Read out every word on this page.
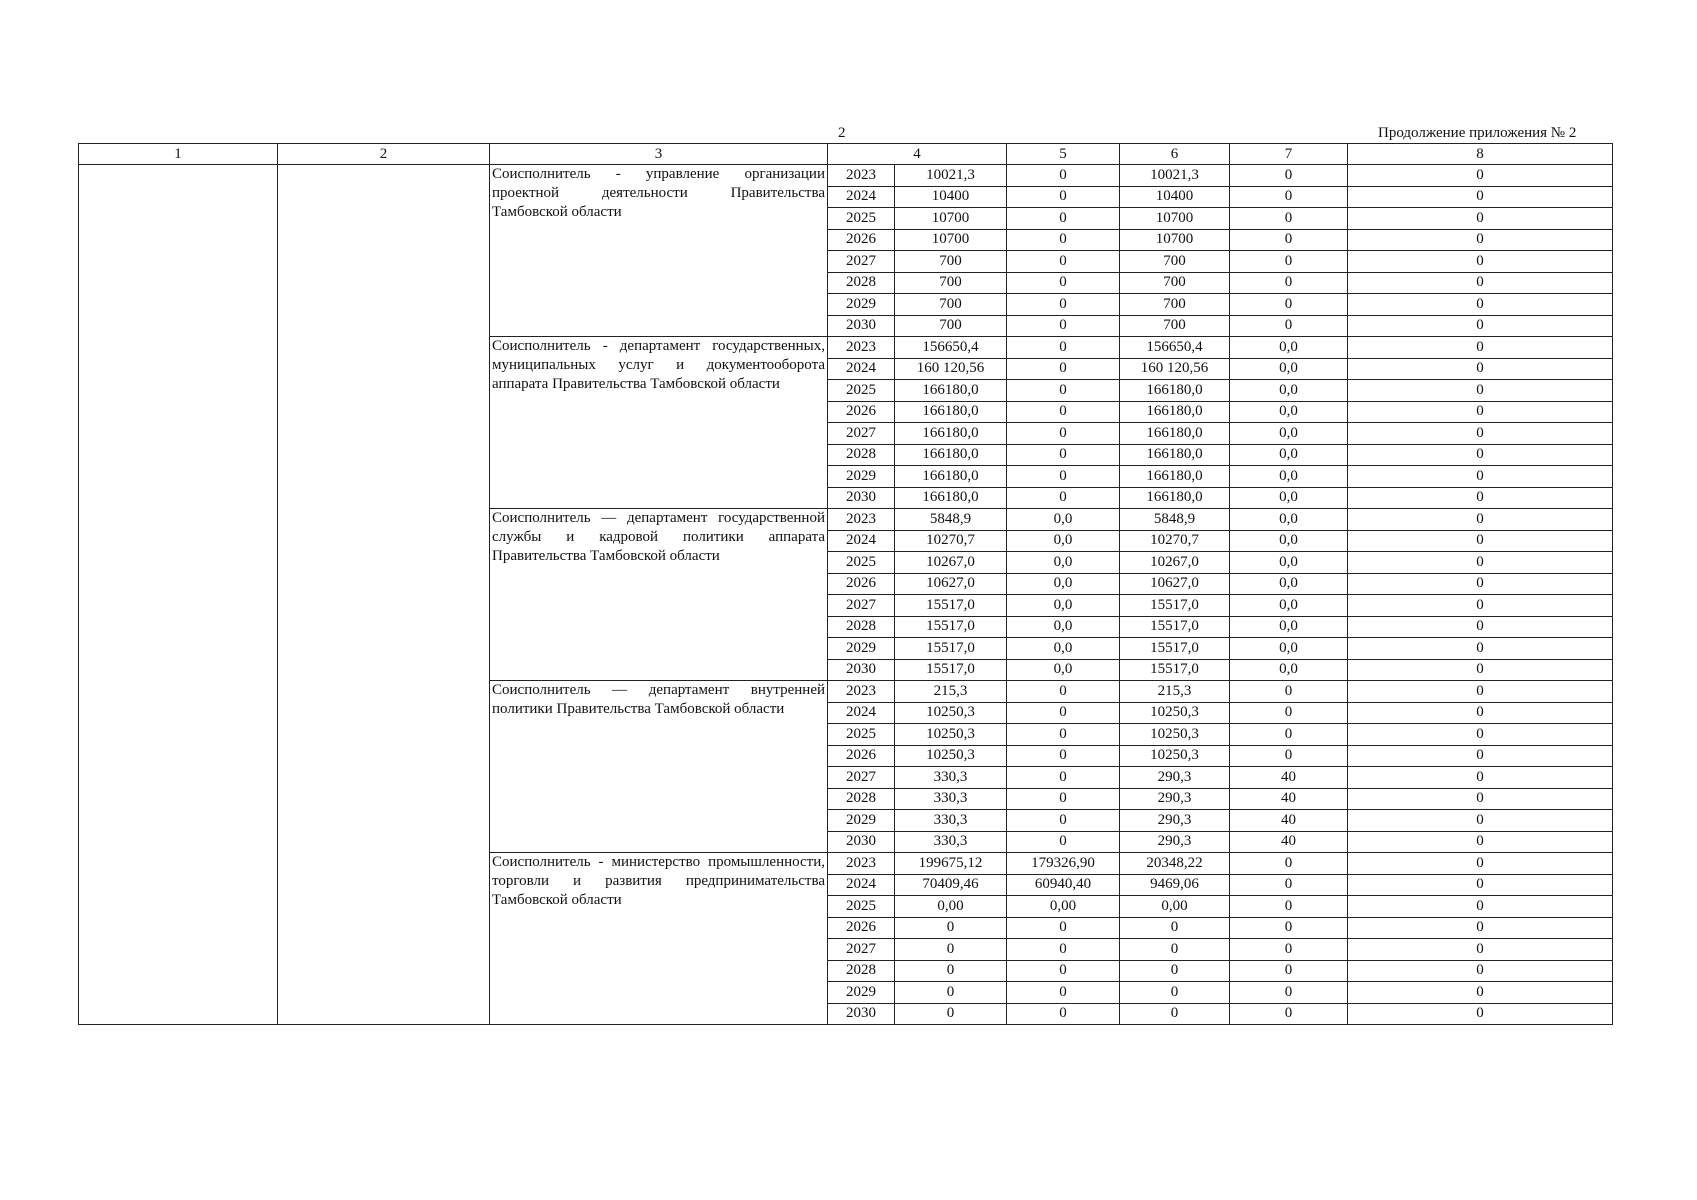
2	Продолжение приложения № 2
1	2	3	4		5	6	7	8
		Соисполнитель - управление организации проектной деятельности Правительства Тамбовской области	2023	10021,3	0	10021,3	0	0
			2024	10400	0	10400	0	0
			2025	10700	0	10700	0	0
			2026	10700	0	10700	0	0
			2027	700	0	700	0	0
			2028	700	0	700	0	0
			2029	700	0	700	0	0
			2030	700	0	700	0	0
		Соисполнитель - департамент государственных, муниципальных услуг и документооборота аппарата Правительства Тамбовской области	2023	156650,4	0	156650,4	0,0	0
			2024	160 120,56	0	160 120,56	0,0	0
			2025	166180,0	0	166180,0	0,0	0
			2026	166180,0	0	166180,0	0,0	0
			2027	166180,0	0	166180,0	0,0	0
			2028	166180,0	0	166180,0	0,0	0
			2029	166180,0	0	166180,0	0,0	0
			2030	166180,0	0	166180,0	0,0	0
		Соисполнитель — департамент государственной службы и кадровой политики аппарата Правительства Тамбовской области	2023	5848,9	0,0	5848,9	0,0	0
			2024	10270,7	0,0	10270,7	0,0	0
			2025	10267,0	0,0	10267,0	0,0	0
			2026	10627,0	0,0	10627,0	0,0	0
			2027	15517,0	0,0	15517,0	0,0	0
			2028	15517,0	0,0	15517,0	0,0	0
			2029	15517,0	0,0	15517,0	0,0	0
			2030	15517,0	0,0	15517,0	0,0	0
		Соисполнитель — департамент внутренней политики Правительства Тамбовской области	2023	215,3	0	215,3	0	0
			2024	10250,3	0	10250,3	0	0
			2025	10250,3	0	10250,3	0	0
			2026	10250,3	0	10250,3	0	0
			2027	330,3	0	290,3	40	0
			2028	330,3	0	290,3	40	0
			2029	330,3	0	290,3	40	0
			2030	330,3	0	290,3	40	0
		Соисполнитель - министерство промышленности, торговли и развития предпринимательства Тамбовской области	2023	199675,12	179326,90	20348,22	0	0
			2024	70409,46	60940,40	9469,06	0	0
			2025	0,00	0,00	0,00	0	0
			2026	0	0	0	0	0
			2027	0	0	0	0	0
			2028	0	0	0	0	0
			2029	0	0	0	0	0
			2030	0	0	0	0	0
